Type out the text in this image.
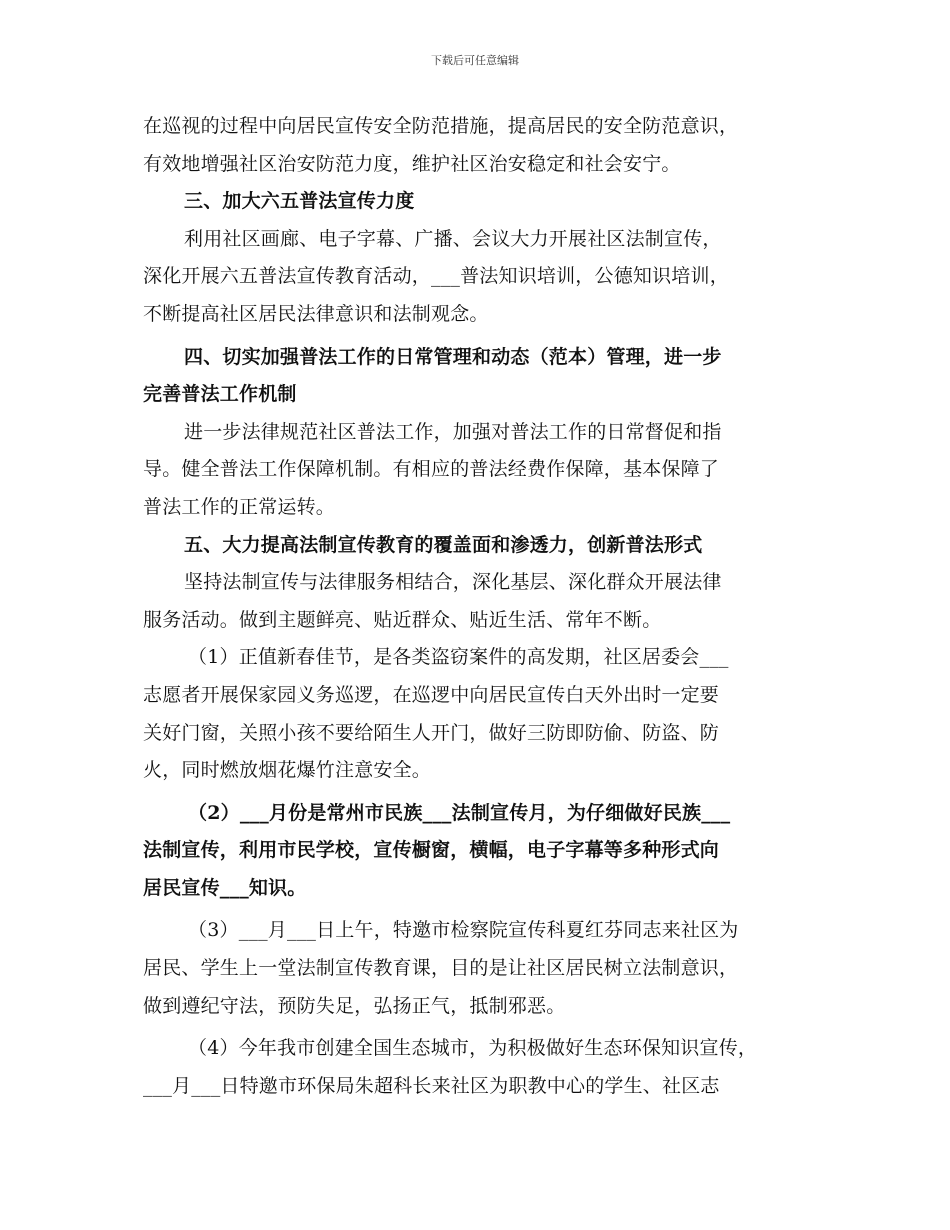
下载后可任意编辑
在巡视的过程中向居民宣传安全防范措施，提高居民的安全防范意识，
有效地增强社区治安防范力度，维护社区治安稳定和社会安宁。
三、加大六五普法宣传力度
利用社区画廊、电子字幕、广播、会议大力开展社区法制宣传，
深化开展六五普法宣传教育活动，___普法知识培训，公德知识培训，
不断提高社区居民法律意识和法制观念。
四、切实加强普法工作的日常管理和动态（范本）管理，进一步
完善普法工作机制
进一步法律规范社区普法工作，加强对普法工作的日常督促和指
导。健全普法工作保障机制。有相应的普法经费作保障，基本保障了
普法工作的正常运转。
五、大力提高法制宣传教育的覆盖面和渗透力，创新普法形式
坚持法制宣传与法律服务相结合，深化基层、深化群众开展法律
服务活动。做到主题鲜亮、贴近群众、贴近生活、常年不断。
（1）正值新春佳节，是各类盗窃案件的高发期，社区居委会___
志愿者开展保家园义务巡逻，在巡逻中向居民宣传白天外出时一定要
关好门窗，关照小孩不要给陌生人开门，做好三防即防偷、防盗、防
火，同时燃放烟花爆竹注意安全。
（2）___月份是常州市民族___法制宣传月，为仔细做好民族___
法制宣传，利用市民学校，宣传橱窗，横幅，电子字幕等多种形式向
居民宣传___知识。
（3）___月___日上午，特邀市检察院宣传科夏红芬同志来社区为
居民、学生上一堂法制宣传教育课，目的是让社区居民树立法制意识，
做到遵纪守法，预防失足，弘扬正气，抵制邪恶。
（4）今年我市创建全国生态城市，为积极做好生态环保知识宣传，
___月___日特邀市环保局朱超科长来社区为职教中心的学生、社区志
